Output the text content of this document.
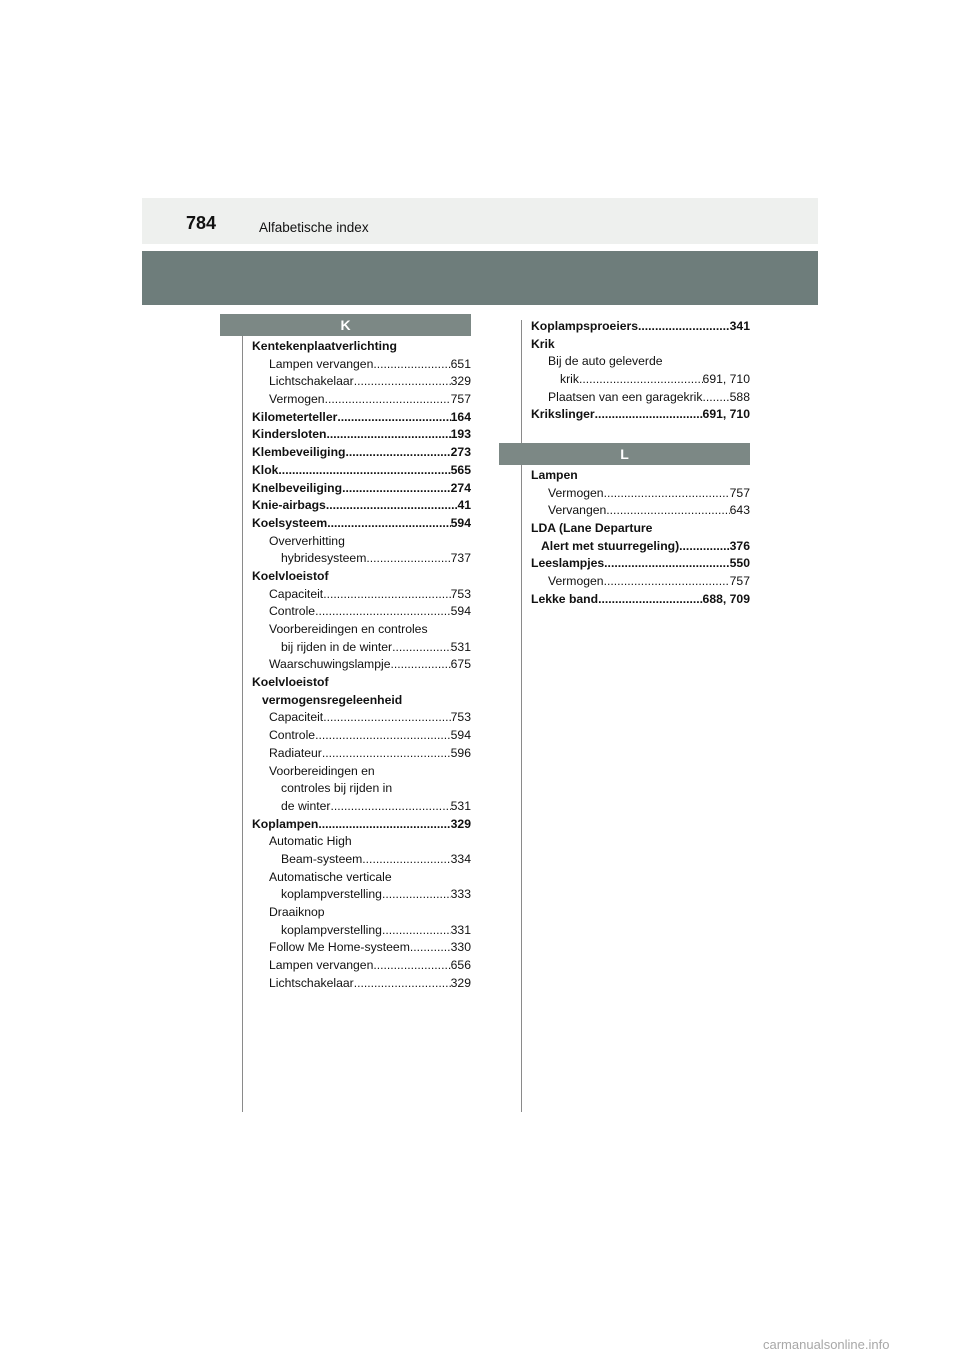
784	Alfabetische index
K
Kentekenplaatverlichting
Lampen vervangen .....	651
Lichtschakelaar .....	329
Vermogen .....	757
Kilometerteller .....	164
Kindersloten .....	193
Klembeveiliging .....	273
Klok .....	565
Knelbeveiliging .....	274
Knie-airbags .....	41
Koelsysteem .....	594
Oververhitting
hybridesysteem .....	737
Koelvloeistof
Capaciteit .....	753
Controle .....	594
Voorbereidingen en controles
bij rijden in de winter .....	531
Waarschuwingslampje .....	675
Koelvloeistof
vermogensregeleenheid
Capaciteit .....	753
Controle .....	594
Radiateur .....	596
Voorbereidingen en
controles bij rijden in
de winter .....	531
Koplampen .....	329
Automatic High
Beam-systeem .....	334
Automatische verticale
koplampverstelling .....	333
Draaiknop
koplampverstelling .....	331
Follow Me Home-systeem .....	330
Lampen vervangen .....	656
Lichtschakelaar .....	329
Koplampsproeiers .....	341
Krik
Bij de auto geleverde
krik .....	691, 710
Plaatsen van een garagekrik ..... 588
Krikslinger .....	691, 710
L
Lampen
Vermogen .....	757
Vervangen .....	643
LDA (Lane Departure
Alert met stuurregeling) .....	376
Leeslampjes .....	550
Vermogen .....	757
Lekke band .....	688, 709
carmanualsonline.info
